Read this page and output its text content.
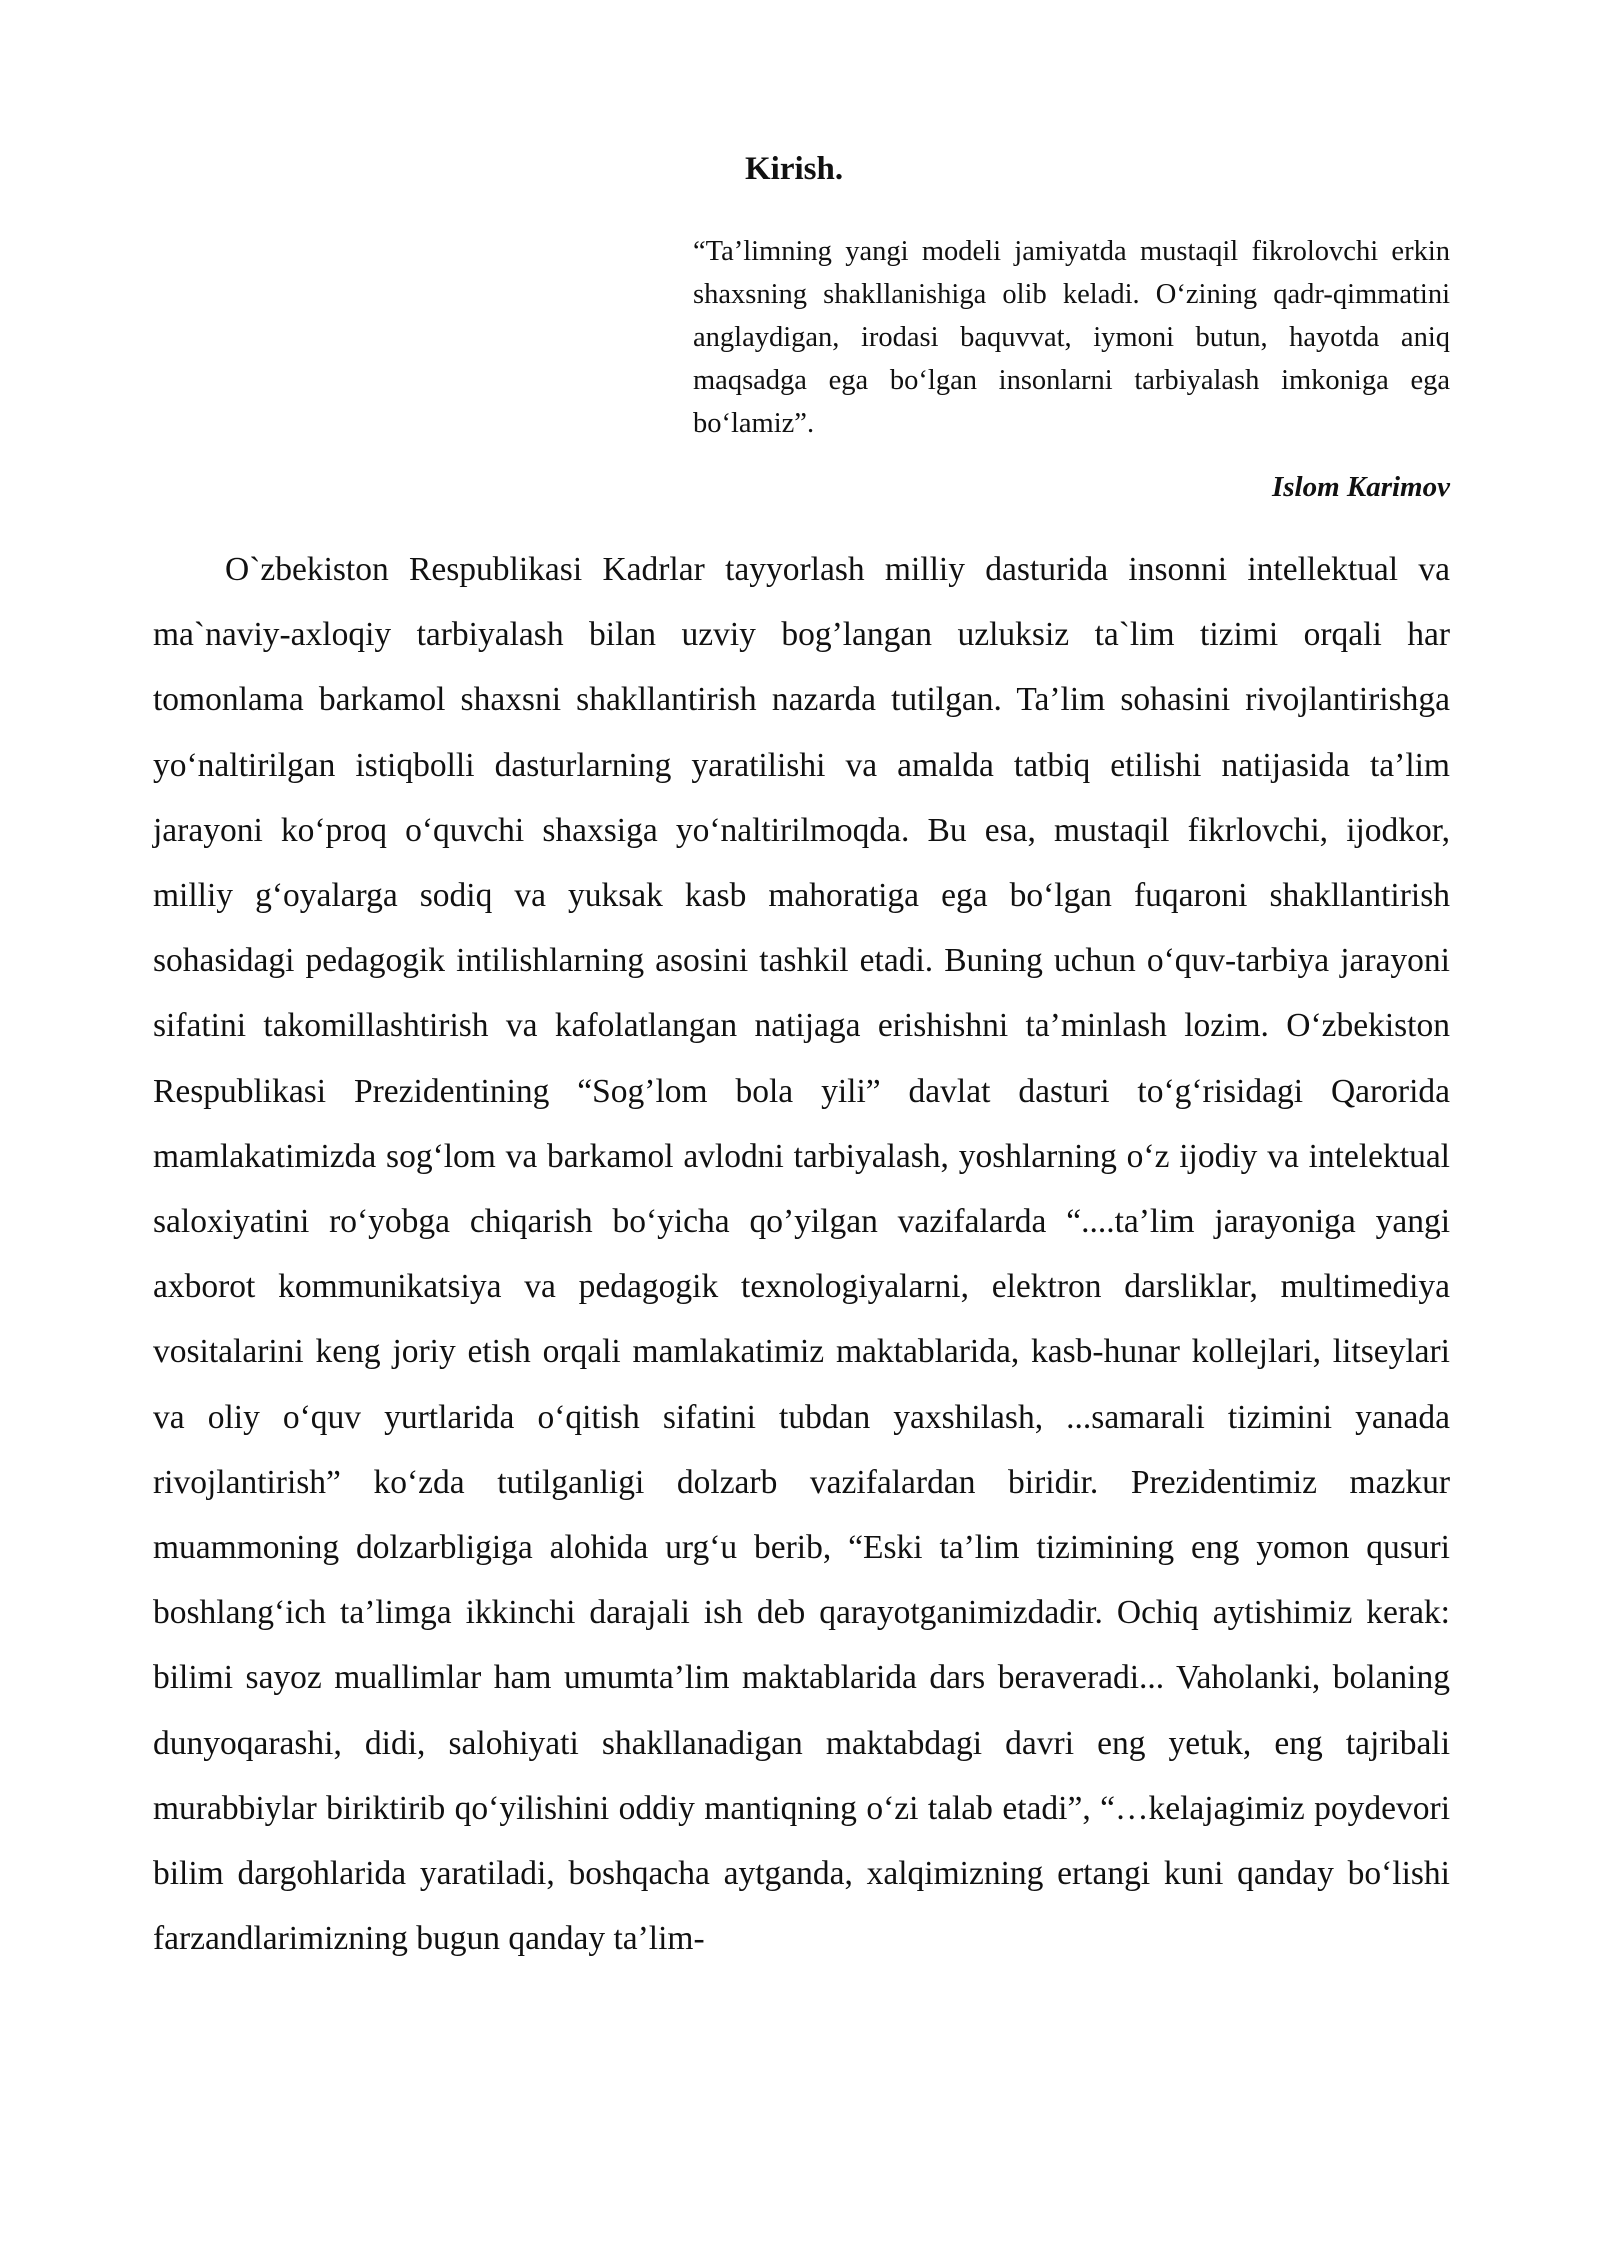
Kirish.

“Ta’limning yangi modeli jamiyatda mustaqil fikrolovchi erkin shaxsning shakllanishiga olib keladi. O‘zining qadr-qimmatini anglaydigan, irodasi baquvvat, iymoni butun, hayotda aniq maqsadga ega bo‘lgan insonlarni tarbiyalash imkoniga ega bo‘lamiz”.

Islom Karimov

O`zbekiston Respublikasi Kadrlar tayyorlash milliy dasturida insonni intellektual va ma`naviy-axloqiy tarbiyalash bilan uzviy bog’langan uzluksiz ta`lim tizimi orqali har tomonlama barkamol shaxsni shakllantirish nazarda tutilgan. Ta’lim sohasini rivojlantirishga yo‘naltirilgan istiqbolli dasturlarning yaratilishi va amalda tatbiq etilishi natijasida ta’lim jarayoni ko‘proq o‘quvchi shaxsiga yo‘naltirilmoqda. Bu esa, mustaqil fikrlovchi, ijodkor, milliy g‘oyalarga sodiq va yuksak kasb mahoratiga ega bo‘lgan fuqaroni shakllantirish sohasidagi pedagogik intilishlarning asosini tashkil etadi. Buning uchun o‘quv-tarbiya jarayoni sifatini takomillashtirish va kafolatlangan natijaga erishishni ta’minlash lozim. O‘zbekiston Respublikasi Prezidentining “Sog’lom bola yili” davlat dasturi to‘g‘risidagi Qarorida mamlakatimizda sog‘lom va barkamol avlodni tarbiyalash, yoshlarning o‘z ijodiy va intelektual saloxiyatini ro‘yobga chiqarish bo‘yicha qo’yilgan vazifalarda “....ta’lim jarayoniga yangi axborot kommunikatsiya va pedagogik texnologiyalarni, elektron darsliklar, multimediya vositalarini keng joriy etish orqali mamlakatimiz maktablarida, kasb-hunar kollejlari, litseylari va oliy o‘quv yurtlarida o‘qitish sifatini tubdan yaxshilash, ...samarali tizimini yanada rivojlantirish” ko‘zda tutilganligi dolzarb vazifalardan biridir. Prezidentimiz mazkur muammoning dolzarbligiga alohida urg‘u berib, “Eski ta’lim tizimining eng yomon qusuri boshlang‘ich ta’limga ikkinchi darajali ish deb qarayotganimizdadir. Ochiq aytishimiz kerak: bilimi sayoz muallimlar ham umumta’lim maktablarida dars beraveradi... Vaholanki, bolaning dunyoqarashi, didi, salohiyati shakllanadigan maktabdagi davri eng yetuk, eng tajribali murabbiylar biriktirib qo‘yilishini oddiy mantiqning o‘zi talab etadi”, “…kelajagimiz poydevori bilim dargohlarida yaratiladi, boshqacha aytganda, xalqimizning ertangi kuni qanday bo‘lishi farzandlarimizning bugun qanday ta’lim-
